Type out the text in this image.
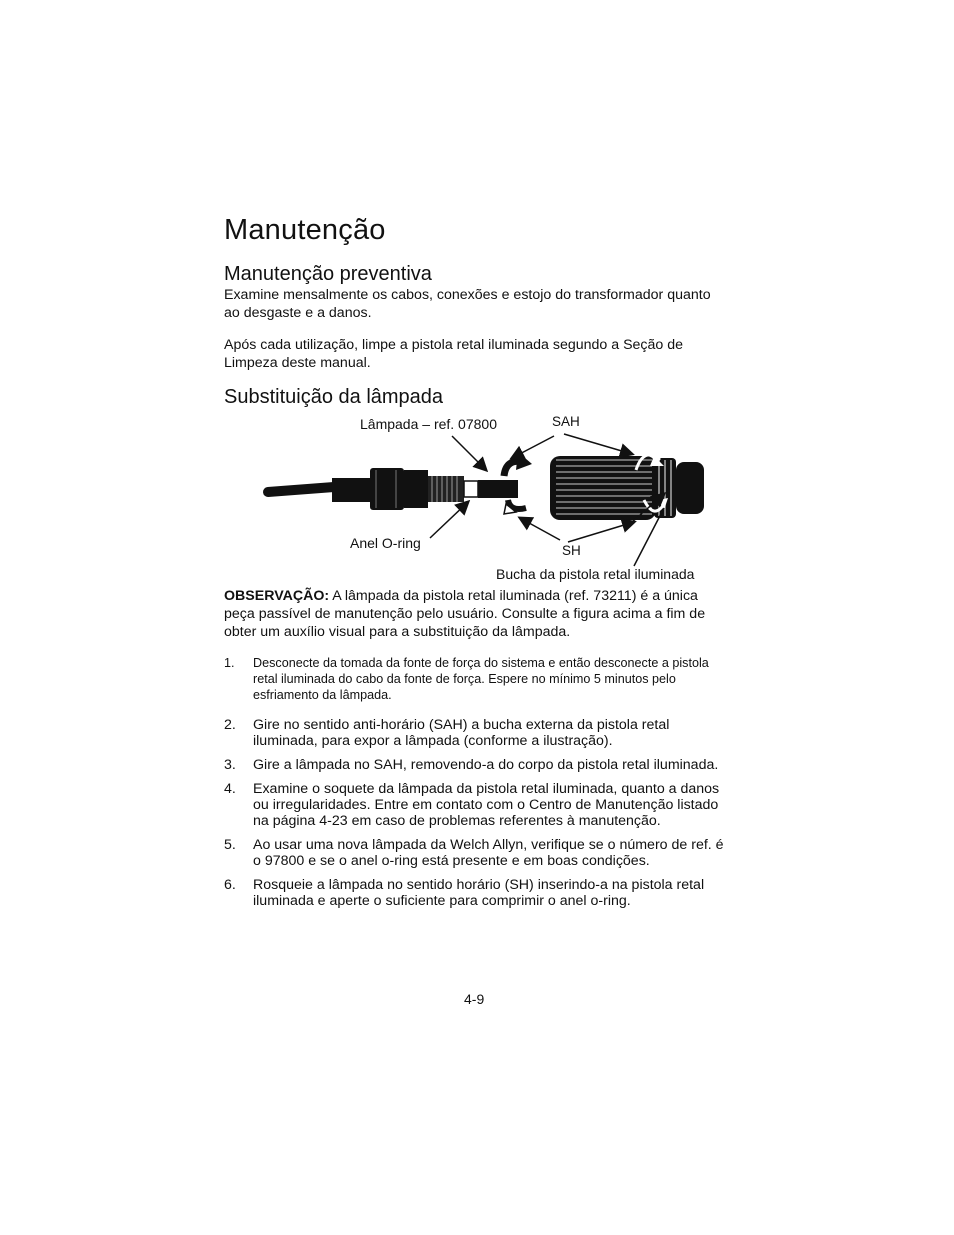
Manutenção
Manutenção preventiva

Examine mensalmente os cabos, conexões e estojo do transformador quanto ao desgaste e a danos.

Após cada utilização, limpe a pistola retal iluminada segundo a Seção de Limpeza deste manual.

Substituição da lâmpada
Lâmpada – ref. 07800	SAH
Anel O-ring	SH
Bucha da pistola retal iluminada

OBSERVAÇÃO: A lâmpada da pistola retal iluminada (ref. 73211) é a única peça passível de manutenção pelo usuário. Consulte a figura acima a fim de obter um auxílio visual para a substituição da lâmpada.

1. Desconecte da tomada da fonte de força do sistema e então desconecte a pistola retal iluminada do cabo da fonte de força. Espere no mínimo 5 minutos pelo esfriamento da lâmpada.
2. Gire no sentido anti-horário (SAH) a bucha externa da pistola retal iluminada, para expor a lâmpada (conforme a ilustração).
3. Gire a lâmpada no SAH, removendo-a do corpo da pistola retal iluminada.
4. Examine o soquete da lâmpada da pistola retal iluminada, quanto a danos ou irregularidades. Entre em contato com o Centro de Manutenção listado na página 4-23 em caso de problemas referentes à manutenção.
5. Ao usar uma nova lâmpada da Welch Allyn, verifique se o número de ref. é o 97800 e se o anel o-ring está presente e em boas condições.
6. Rosqueie a lâmpada no sentido horário (SH) inserindo-a na pistola retal iluminada e aperte o suficiente para comprimir o anel o-ring.
4-9
